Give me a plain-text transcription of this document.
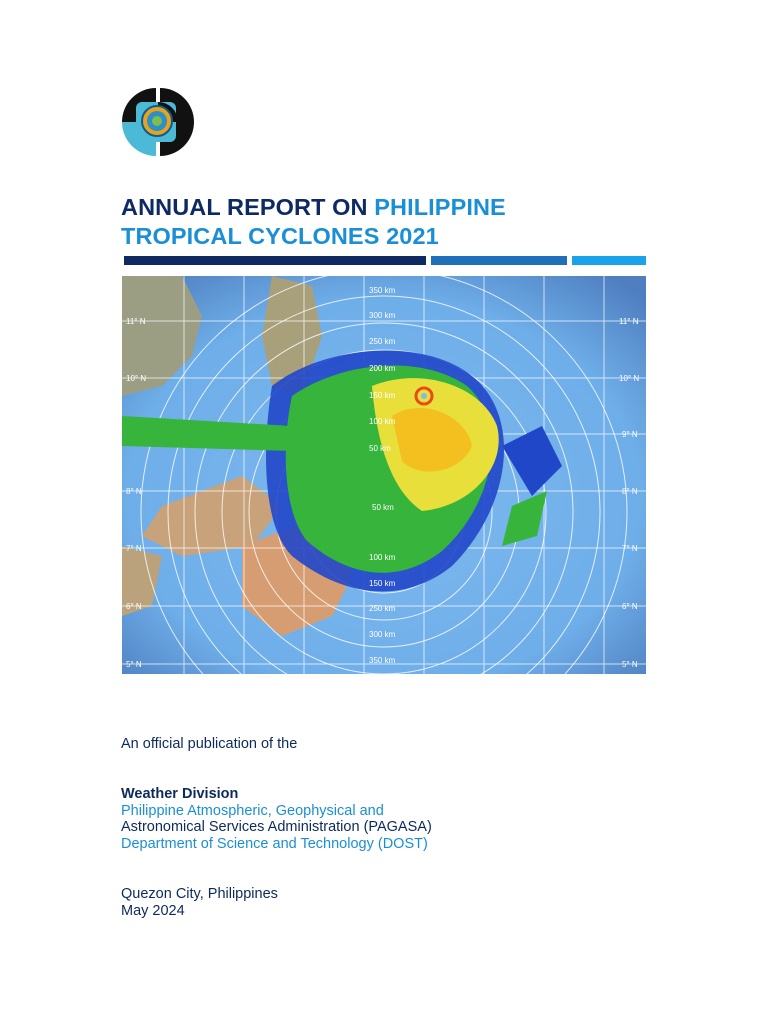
ANNUAL REPORT ON PHILIPPINE
TROPICAL CYCLONES 2021
350 km
300 km
250 km
200 km
150 km
100 km
50 km
50 km
100 km
150 km
250 km
300 km
350 km
11° N
10° N
8° N
7° N
6° N
5° N
11° N
10° N
9° N
8° N
7° N
6° N
5° N
An official publication of the
Weather Division
Philippine Atmospheric, Geophysical and
Astronomical Services Administration (PAGASA)
Department of Science and Technology (DOST)
Quezon City, Philippines
May 2024
